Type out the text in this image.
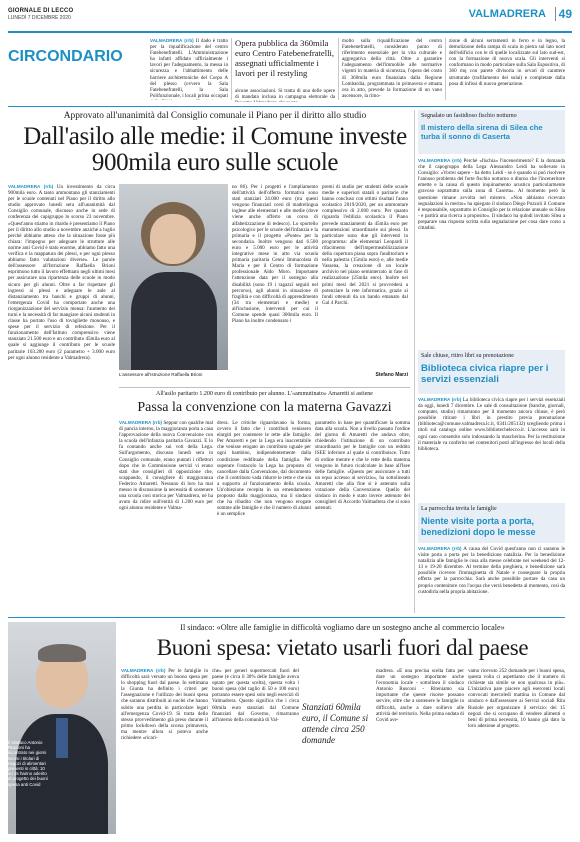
GIORNALE DI LECCO
LUNEDÌ 7 DICEMBRE 2020	VALMADRERA	49
CIRCONDARIO
VALMADRERA (rrb) Il dado è tratto per la riqualificazione del centro Fatebenefratelli. L'Amministrazione ha infatti affidato ufficialmente i lavori per l'adeguamento, la messa in sicurezza e l'abbattimento delle barriere architettoniche del Corpo A del plesso (ovvero la Sala Fatebenefratelli, la Sala Polifunzionale, i locali prima occupati
Opera pubblica da 360mila euro Centro Fatebenefratelli, assegnati ufficialmente i lavori per il restyling
alcune associazioni. Si tratta di una delle opere di mandato inclusa in campagna elettorale da
molto sulla riqualificazione del centro Fatebenefratelli, considerato punto di riferimento essenziale per la vita culturale e aggregativa della città. Oltre a garantire l'adeguamento dell'immobile alle normative vigenti in materia di sicurezza, l'opera del costo di 360mila euro finanziata dalla Regione Lombardia, programmata in primavera e attuata ora in atto, prevede la formazione di un vano ascensore, la rimo-
zione di alcuni serramenti in ferro e in legno, la demolizione della rampa di scala in pietra sul lato nord dell'edificio con le di quelle localizzate sul lato sud-est, con la formazione di nuova scala. Gli interventi si conformano in modo particolare sulla Sala Espositiva, di 360 mq con parete divisoria in orvari di carattere strutturale (trafilamento dei solai) e completate dalla posa di infissi di nuova generazione.
Approvato all'unanimità dal Consiglio comunale il Piano per il diritto allo studio
Dall'asilo alle medie: il Comune investe 900mila euro sulle scuole
VALMADRERA (rrb) Un investimento da circa 900mila euro. A tanto ammontano gli stanziamenti per le scuole contenuti nel Piano per il diritto allo studio approvato lunedì sera all'unanimità dal Consiglio comunale, discusso anche in sede di conferenza dei capigruppo lo scorso 23 novembre. «Quest'anno stiamo in ritardo è presentiamo il Piano per il diritto allo studio a novembre anziché a luglio perché abbiamo atteso che la situazione fosse più chiara: l'impegno per adeguare le strutture alle norme anti Covid è stato enorme, abbiamo fatto una verifica e la mappatura dei plessi, e per ogni plesso abbiamo fatto valutazioni diverse». Le parole dell'assessore all'Istruzione Raffaella Brioni esprimono tutto il lavoro effettuato negli ultimi mesi per assicurare una ripartenza delle scuole in modo sicuro per gli alunni. Oltre a far rispettare gli ingressi ai plessi e adeguare le aule al distanziamento tra banchi e gruppi di alunni, l'emergenza Covid ha comportato anche una riorganizzazione del servizio mensa: l'aumento dei turni e la necessità di far mangiare alcuni studenti in classe ha portato l'uso di tovagliette monouso, e spese per il servizio di refezione. Per il funzionamento dell'Istituto comprensivo viene stanziato 21.500 euro e un contributo 45mila euro al quale si aggiunge il contributo per le scuole paritarie 103.200 euro (2 parametro + 3.000 euro per ogni alunno residente a Valmadrera).
L'assessore all'Istruzione Raffaella Brioni
no 86). Per i progetti e l'ampliamento dell'attività dell'offerta formativa sono stati stanziati 24.000 euro (tra questi vengono finanziati corsi di madrelingua inglese alle elementari e alle medie (dove viene anche offerto un corso di alfabetizzazione di tedesco). Lo sportello psicologico per le scuole dell'infanzia e la primaria e il progetto «Ponte» per la secondaria. Inoltre vengono dati 6.500 euro e 5.000 euro per le attività integrative mese in atto via scuola primaria paritaria Cenni Immacolata di Maria e per il Centro di formazione professionale Aldo Moro. Importante l'attenzione data per il sostegno alla disabilità (sono 19 i ragazzi seguiti nel percorso), agli alunni in situazione di fragilità e con difficoltà di apprendimento (34 tra elementari e medie) e all'inclusione, interventi per cui il Comune spende quasi 300mila euro. Il Piano ha inoltre condensato i
premi di studio per studenti delle scuole medie e superiori statali o paritarie che hanno concluso con ottimi risultati l'anno scolastico 2019/2020, per un ammontare complessivo di 2.000 euro. Per quanto riguarda l'edilizia scolastica il Piano prevede stanziamenti da 45mila euro per manutenzioni straordinarie sui plessi. In particolare sono due gli interventi in programma: alle elementari Leopardi il rifacimento dell'impermeabilizzazione della copertura piana sopra l'auditorium e nella palestra (15mila euro) e, alle medie Vassena, la creazione di un locale archivio nel piano seminterrato in fase di realizzazione (25mila euro). Inoltre nei primi mesi del 2021 si provvederà a potenziare la rete informatica, grazie ai fondi ottenuti da un bando emanato dal Gal 4 Parchi.
Stefano Marzi
All'asilo paritario 1.200 euro di contributo per alunno. L'«ammutinato» Amaretti si astiene
Passa la convenzione con la materna Gavazzi
VALMADRERA (rrb) Seppur con qualche mal di pancia interno, la maggioranza porta a casa l'approvazione della nuova Convenzione con la scuola dell'infanzia paritaria Gavazzi. E lo fa contando anche sui voti della Lega. Sull'argomento, discusso lunedì sera in Consiglio comunale, erano puntati i riflettori dopo che in Commissione servizi vi erano stati due consiglieri di opposizione che, scappando, il consigliere di maggioranza Federico Amaretti. Nessuno di loro ha mai messo in discussione la necessità di sostenere una scuola così storica per Valmadrera, né ha avuto da ridire sull'entità di 1.200 euro per ogni alunno residente e Valma-
drera. Le critiche riguardavano la forma, ovvero il fatto che i contributi venissero elargiti per contenere le rette alle famiglie. Per Amaretti e per la Lega era inaccettabile che venisse erogato un contributo uguale per ogni bambino, indipendentemente dalla condizione reddituale della famiglia. Per superare l'ostacolo la Lega ha proposto di cancellare dalla Convenzione, dal documento che il contributo vada ridurre le rette e che sia a supporto al funzionamento della scuola. Un'obiezione recepita in un emendamento proposto dalla maggioranza, ma il sindaco che ha ribadito che non vengono erogate somme alle famiglie e che il numero di alunni è un semplice
parametro in base per quantificare la somma data alla scuola. Non a livello passato l'ordine del giorno di Amaretti che andava oltre, chiedendo l'istituzione di un contributo straordinario per le famiglie con un reddito ISEE inferiore al quale si contribuisce. Tutto di ordine mentre e che le rette della materna vengono in futuro ricalcolate in base all'Isee delle famiglie. «Questo per assicurare a tutti un equo accesso al servizio», ha sottolineato Amaretti che alla fine si è astenuto sulla votazione della Convenzione. Quello del sindaco in modo è stato invece astenuto dei consiglieri di Accordo Valmadrera che si sono astenuti.
Segnalato un fastidioso fischio notturno
Il mistero della sirena di Silea che turba il sonno di Caserta
VALMADRERA (rrb) Perché «fischia» l'incenerimento? È la domanda che il capogruppo della Lega Alessandro Leidi ha sollevato in Consiglio: «Vorrei sapere - ha detto Leidi - se è quando si può risolvere l'annoso problema del forte fischio notturno o diurno che l'inceneritore emette e la causa di questo inquinamento acustico particolarmente gravoso soprattutto sulla zona di Caserta». Al momento però la questione rimane avvolta nel mistero. «Non abbiamo ricevuto segnalazioni in merito» ha spiegato il sindaco Diego Pozzoli il Comune è responsabile, soprattutto in Consiglio per la relazione annuale su Silea - e partirà una ricerca a proposito». Il sindaco ha quindi invitato Silea a preparare una risposta scritta sulla segnalazione per cosa dare corso a cittadini.
Sale chiuse, ritiro libri su prenotazione
Biblioteca civica riapre per i servizi essenziali
VALMADRERA (rrb) La biblioteca civica riapre per i servizi essenziali da oggi, lunedì 7 dicembre. Le sale di consultazione (banche, giornali, computer, studio) rimarranno per il momento ancora chiuse, è però possibile ritirare i libri in prestito previa prenotazione (biblioteca@comune.valmadrera.lc.it, 0341/205132) scegliendo prima i titoli sul catalogo online www.bibliotechelecco.it. L'accesso sarà in ogni caso consentito solo indossando la mascherina. Per la restituzione il materiale va conferito nei contenitori posti all'ingresso dei locali della biblioteca.
La parrocchia invita le famiglie
Niente visite porta a porta, benedizioni dopo le messe
VALMADRERA (rrb) A causa del Covid quest'anno non ci saranno le visite porta a porta per la benedizione natalizia. Per la benedizione natalizia alle famiglie le cosa alla messe celebrate nei weekend del 12-13 e 19-20 dicembre. Al termine della preghiera, e benedizione sarà possibile ricevere l'immaginetta di Natale e consegnare la propria offerta per la parrocchia. Sarà anche possibile portare da casa un proprio contenitore con l'acqua che verrà benedetta al momento, così da custodirla nella propria abitazione.
Il sindaco Antonio Rusconi ha incontrato nei giorni scorsi i titolari di negozi di alimentari presenti in città: 10 su 15 hanno aderito al progetto dei buoni spesa anti Covid
Il sindaco: «Oltre alle famiglie in difficoltà vogliamo dare un sostegno anche al commercio locale»
Buoni spesa: vietato usarli fuori dal paese
VALMADRERA (rrb) Per le famiglie in difficoltà sarà versato un buono spesa per lo shopping fuori dal paese. In settimana la Giunta ha definito i criteri per l'assegnazione e l'utilizzo dei buoni spesa che saranno distribuiti ai nuclei che hanno subito una perdita in particolare legati all'emergenza Covid-19. Si tratta dello stesso provvedimento già preso durante il primo lockdown della scorsa primavera, ma mentre allora si poteva anche richiedere «ricari-
che» per generi supermercati fuori del paese (e circa il 30% delle famiglie aveva optato per questa scelta), questa volta i buoni spesa (del taglio di 50 e 100 euro) potranno essere spesi solo negli esercizi di Valmadrera. Questo significa che i circa 60mila euro stanziati dal Comune finanziati dal Governo, rimarranno all'interno della comunità di Val-
Stanziati 60mila euro, il Comune si attende circa 250 domande
madrera. «È una precisa scelta fatta per dare un sostegno importante anche l'economia locale - sottolinea il sindaco Antonio Rusconi - Riteniamo sia importante che queste risorse possano servire, oltre che a sostenere le famiglie in difficoltà, anche a dare sollievo alle attività del territorio. Nella prima ondata di Covid ave-
vamo ricevuto 252 domande per i buoni spesa, questa volta ci aspettiamo che il numero di richieste sia simile se non qualcosa in più». L'iniziativa pare piacere agli esercenti locali convocati mercoledì mattina in Comune dal sindaco e dall'assessore ai Servizi sociali Rita Rusiole per organizzare il servizio: dei 15 negozi che si occupano di vendere alimenti o beni di prima necessità, 10 hanno già dato la loro adesione al progetto.
